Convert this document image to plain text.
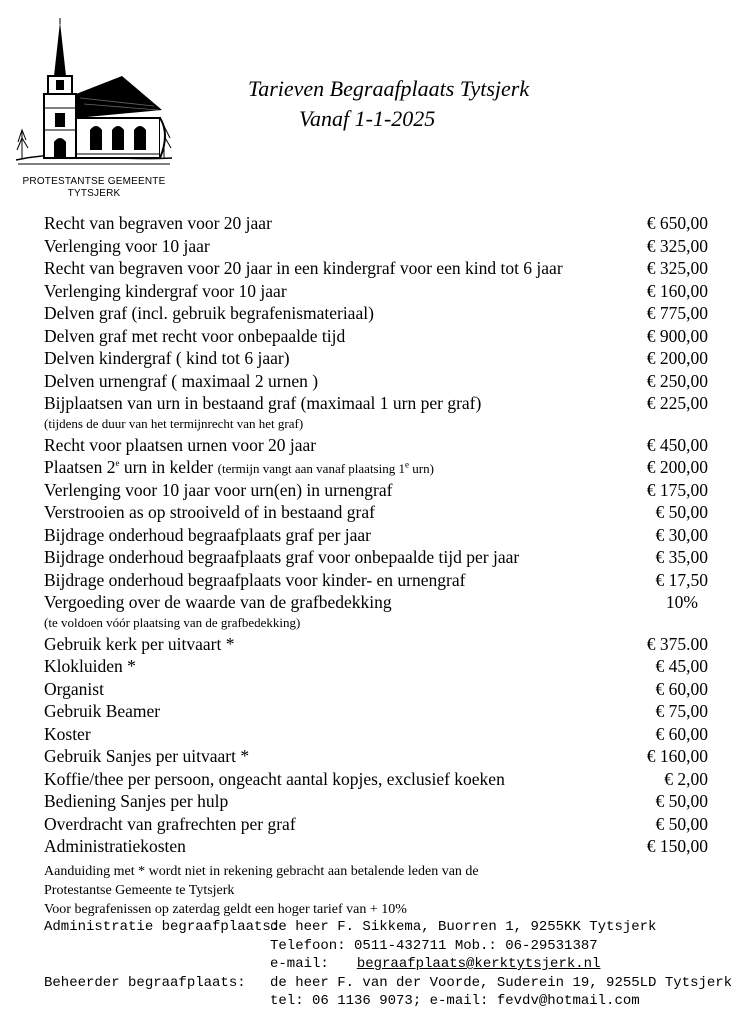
PROTESTANTSE GEMEENTE
TYTSJERK
Tarieven Begraafplaats Tytsjerk
Vanaf 1-1-2025
Recht van begraven voor 20 jaar	€ 650,00
Verlenging voor 10 jaar	€ 325,00
Recht van begraven voor 20 jaar in een kindergraf voor een kind tot 6 jaar	€ 325,00
Verlenging kindergraf voor 10 jaar	€ 160,00
Delven graf (incl. gebruik begrafenismateriaal)	€ 775,00
Delven graf met recht voor onbepaalde tijd	€ 900,00
Delven kindergraf ( kind tot 6 jaar)	€ 200,00
Delven urnengraf ( maximaal 2 urnen )	€ 250,00
Bijplaatsen van urn in bestaand graf (maximaal 1 urn per graf)	€ 225,00
(tijdens de duur van het termijnrecht van het graf)
Recht voor plaatsen urnen voor 20 jaar	€ 450,00
Plaatsen 2e urn in kelder (termijn vangt aan vanaf plaatsing 1e urn)	€ 200,00
Verlenging voor 10 jaar voor urn(en) in urnengraf	€ 175,00
Verstrooien as op strooiveld of in bestaand graf	€ 50,00
Bijdrage onderhoud begraafplaats graf per jaar	€ 30,00
Bijdrage onderhoud begraafplaats graf voor onbepaalde tijd per jaar	€ 35,00
Bijdrage onderhoud begraafplaats voor kinder- en urnengraf	€ 17,50
Vergoeding over de waarde van de grafbedekking	10%
(te voldoen vóór plaatsing van de grafbedekking)
Gebruik kerk per uitvaart *	€ 375.00
Klokluiden *	€ 45,00
Organist	€ 60,00
Gebruik Beamer	€ 75,00
Koster	€ 60,00
Gebruik Sanjes per uitvaart *	€ 160,00
Koffie/thee per persoon, ongeacht aantal kopjes, exclusief koeken	€ 2,00
Bediening Sanjes per hulp	€ 50,00
Overdracht van grafrechten per graf	€ 50,00
Administratiekosten	€ 150,00
Aanduiding met * wordt niet in rekening gebracht aan betalende leden van de
Protestantse Gemeente te Tytsjerk
Voor begrafenissen op zaterdag geldt een hoger tarief van + 10%
Administratie begraafplaats:
de heer F. Sikkema, Buorren 1, 9255KK Tytsjerk
Telefoon: 0511-432711 Mob.: 06-29531387
e-mail: begraafplaats@kerktytsjerk.nl
Beheerder begraafplaats: de heer F. van der Voorde, Suderein 19, 9255LD Tytsjerk
tel: 06 1136 9073; e-mail: fevdv@hotmail.com
